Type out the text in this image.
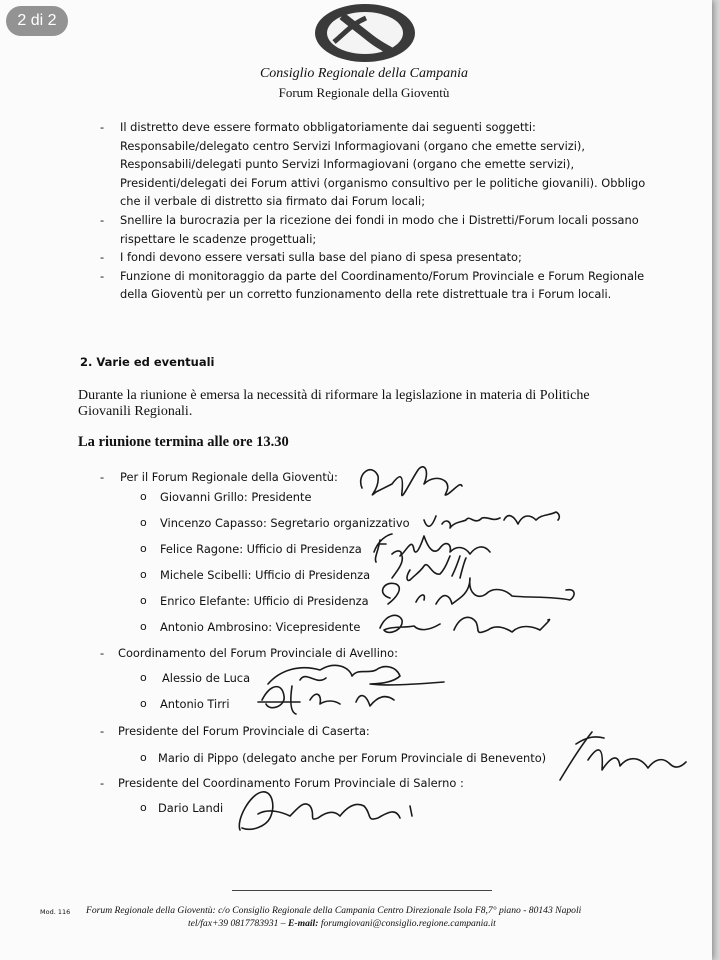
2 di 2
Consiglio Regionale della Campania
Forum Regionale della Gioventù
- Il distretto deve essere formato obbligatoriamente dai seguenti soggetti: Responsabile/delegato centro Servizi Informagiovani (organo che emette servizi), Responsabili/delegati punto Servizi Informagiovani (organo che emette servizi), Presidenti/delegati dei Forum attivi (organismo consultivo per le politiche giovanili). Obbligo che il verbale di distretto sia firmato dai Forum locali;
- Snellire la burocrazia per la ricezione dei fondi in modo che i Distretti/Forum locali possano rispettare le scadenze progettuali;
- I fondi devono essere versati sulla base del piano di spesa presentato;
- Funzione di monitoraggio da parte del Coordinamento/Forum Provinciale e Forum Regionale della Gioventù per un corretto funzionamento della rete distrettuale tra i Forum locali.
2. Varie ed eventuali
Durante la riunione è emersa la necessità di riformare la legislazione in materia di Politiche Giovanili Regionali.
La riunione termina alle ore 13.30
- Per il Forum Regionale della Gioventù:
o Giovanni Grillo: Presidente
o Vincenzo Capasso: Segretario organizzativo
o Felice Ragone: Ufficio di Presidenza
o Michele Scibelli: Ufficio di Presidenza
o Enrico Elefante: Ufficio di Presidenza
o Antonio Ambrosino: Vicepresidente
- Coordinamento del Forum Provinciale di Avellino:
o Alessio de Luca
o Antonio Tirri
- Presidente del Forum Provinciale di Caserta:
o Mario di Pippo (delegato anche per Forum Provinciale di Benevento)
- Presidente del Coordinamento Forum Provinciale di Salerno :
o Dario Landi
Mod. 116 Forum Regionale della Gioventù: c/o Consiglio Regionale della Campania Centro Direzionale Isola F8,7° piano - 80143 Napoli
tel/fax+39 0817783931 – E-mail: forumgiovani@consiglio.regione.campania.it
